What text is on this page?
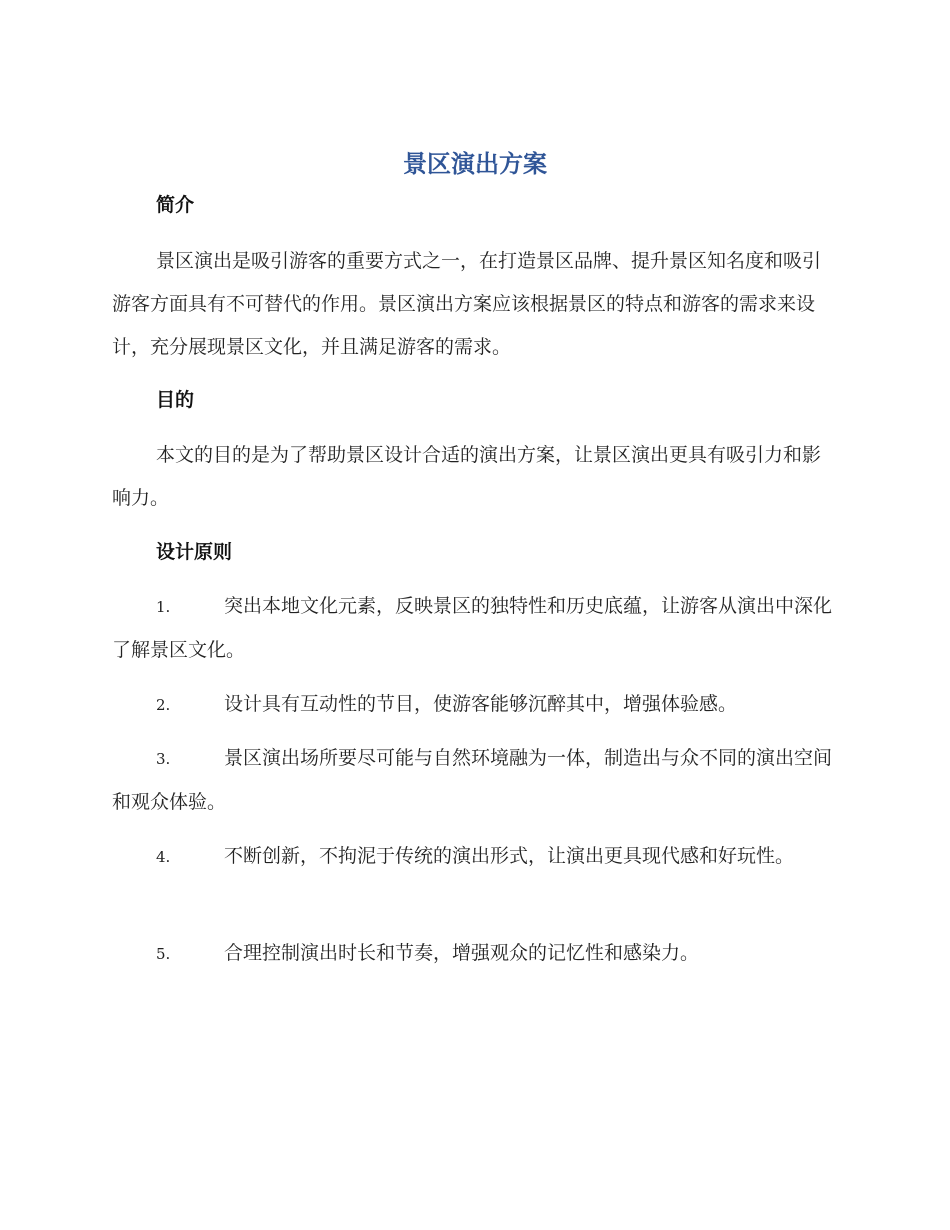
景区演出方案
简介

景区演出是吸引游客的重要方式之一，在打造景区品牌、提升景区知名度和吸引游客方面具有不可替代的作用。景区演出方案应该根据景区的特点和游客的需求来设计，充分展现景区文化，并且满足游客的需求。

目的

本文的目的是为了帮助景区设计合适的演出方案，让景区演出更具有吸引力和影响力。

设计原则
1.	突出本地文化元素，反映景区的独特性和历史底蕴，让游客从演出中深化了解景区文化。
2.	设计具有互动性的节目，使游客能够沉醉其中，增强体验感。
3.	景区演出场所要尽可能与自然环境融为一体，制造出与众不同的演出空间和观众体验。
4.	不断创新，不拘泥于传统的演出形式，让演出更具现代感和好玩性。
5.	合理控制演出时长和节奏，增强观众的记忆性和感染力。
